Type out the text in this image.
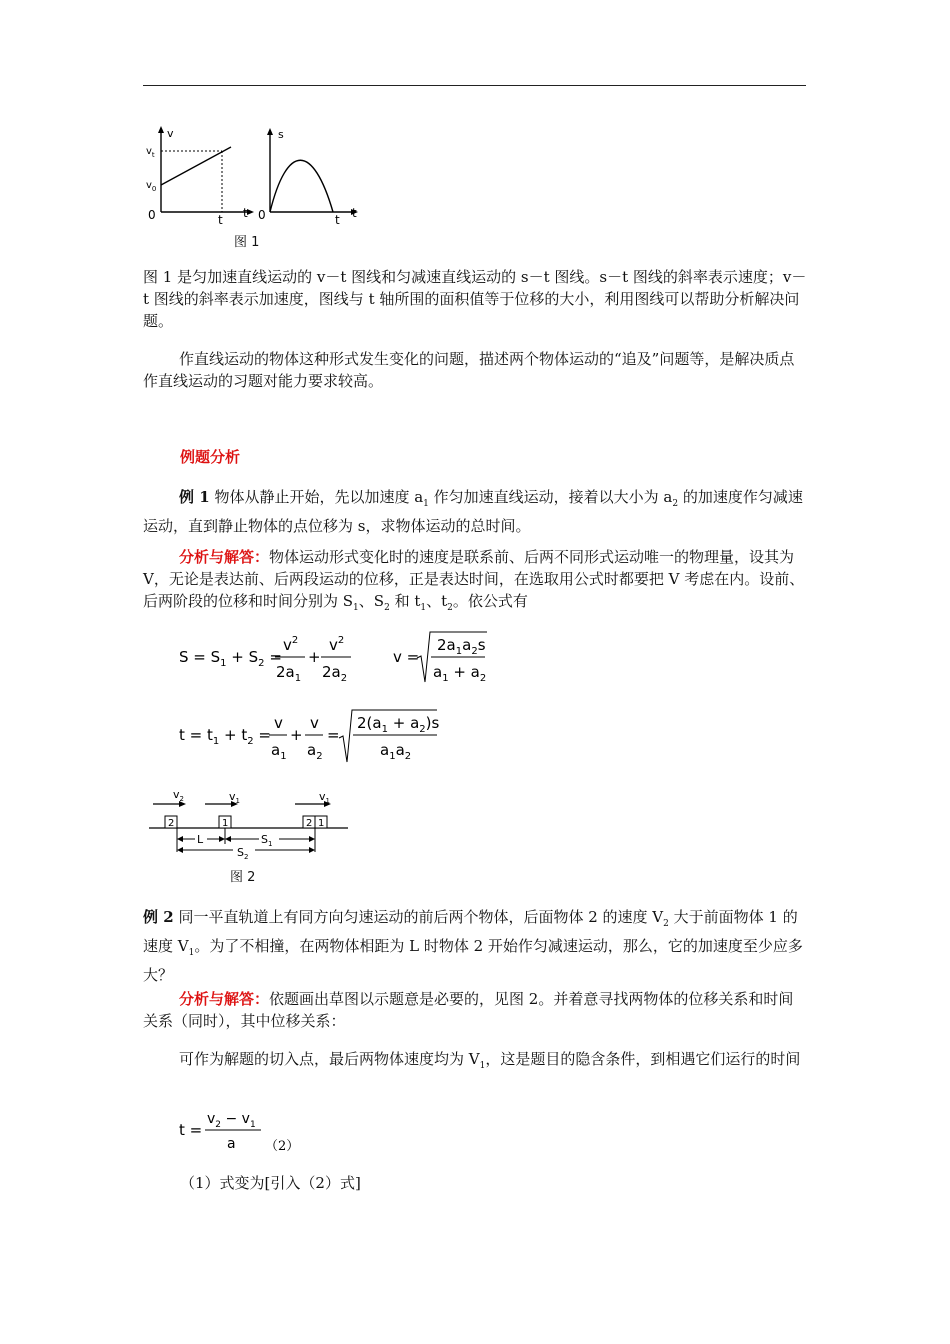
v
$v_t$
$v_0$
0	t t
s
0	t t
图 1

图 1 是匀加速直线运动的 v－t 图线和匀减速直线运动的 s－t 图线。s－t 图线的斜率表示速度；v－t 图线的斜率表示加速度，图线与 t 轴所围的面积值等于位移的大小，利用图线可以帮助分析解决问题。

作直线运动的物体这种形式发生变化的问题，描述两个物体运动的“追及”问题等，是解决质点作直线运动的习题对能力要求较高。

例题分析

例 1 物体从静止开始，先以加速度 $a_1$ 作匀加速直线运动，接着以大小为 $a_2$ 的加速度作匀减速运动，直到静止物体的点位移为 s，求物体运动的总时间。

分析与解答：物体运动形式变化时的速度是联系前、后两不同形式运动唯一的物理量，设其为 V，无论是表达前、后两段运动的位移，正是表达时间，在选取用公式时都要把 V 考虑在内。设前、后两阶段的位移和时间分别为 $S_1$、$S_2$ 和 $t_1$、$t_2$。依公式有

$S = S_1 + S_2$ =
$v^2$
$2a_1$
+
$v^2$
$2a_2$
v =
$2a_1a_2s$
$a_1 + a_2$
$t = t_1 + t_2$ =
v
$a_1$
+
v
$a_2$
=
$2(a_1 + a_2)s$
$a_1a_2$
$v_2$	$v_1$	$v_1$
2	1	2 1
L	$S_1$
$S_2$
图 2

例 2 同一平直轨道上有同方向匀速运动的前后两个物体，后面物体 2 的速度 $V_2$ 大于前面物体 1 的速度 $V_1$。为了不相撞，在两物体相距为 L 时物体 2 开始作匀减速运动，那么，它的加速度至少应多大？

分析与解答：依题画出草图以示题意是必要的，见图 2。并着意寻找两物体的位移关系和时间关系（同时），其中位移关系：

可作为解题的切入点，最后两物体速度均为 $V_1$，这是题目的隐含条件，到相遇它们运行的时间

t =
$v_2 - v_1$
a （2）

（1）式变为[引入（2）式]
